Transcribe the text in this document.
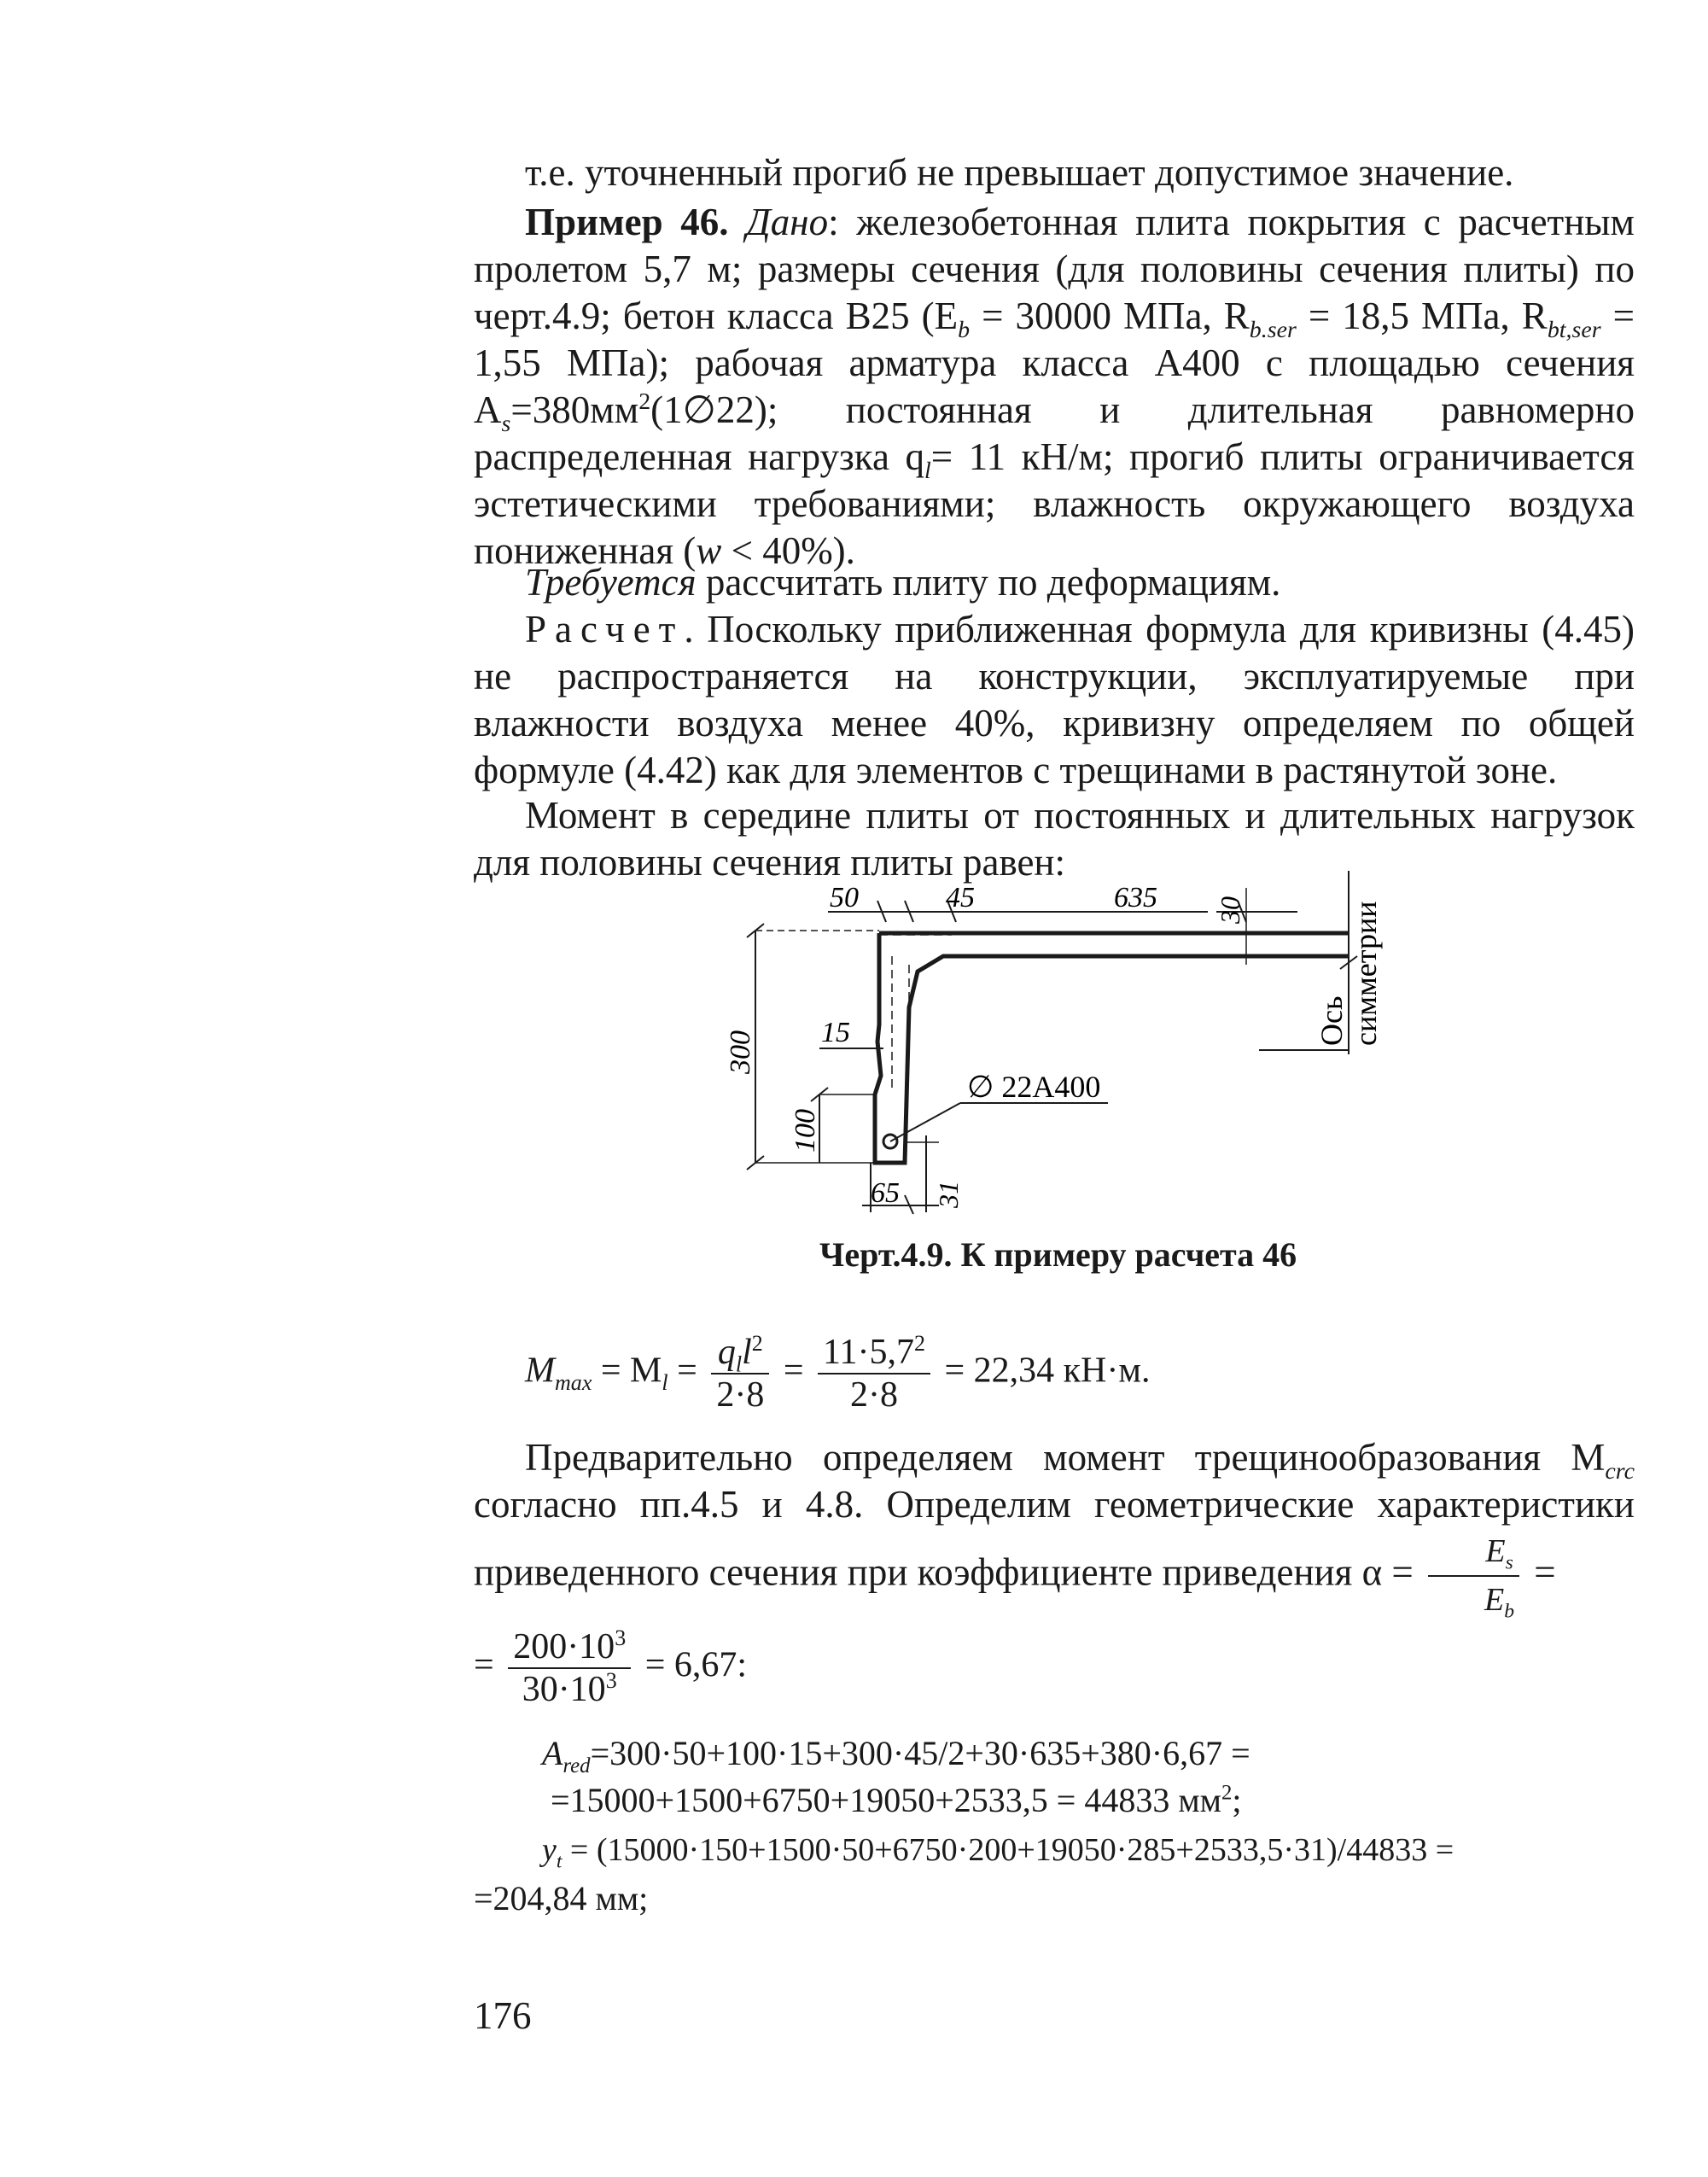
т.е. уточненный прогиб не превышает допустимое значение.
Пример 46. Дано: железобетонная плита покрытия с расчетным пролетом 5,7 м; размеры сечения (для половины сечения плиты) по черт.4.9; бетон класса В25 ($E_b = 30000$ МПа, $R_{b.ser} = 18,5$ МПа, $R_{bt,ser} = 1,55$ МПа); рабочая арматура класса А400 с площадью сечения $A_s=380мм^2(1\emptyset 22)$; постоянная и длительная равномерно распределенная нагрузка $q_l= 11$ кН/м; прогиб плиты ограничивается эстетическими требованиями; влажность окружающего воздуха пониженная (w < 40%).
Требуется рассчитать плиту по деформациям.
Расчет. Поскольку приближенная формула для кривизны (4.45) не распространяется на конструкции, эксплуатируемые при влажности воздуха менее 40%, кривизну определяем по общей формуле (4.42) как для элементов с трещинами в растянутой зоне.
Момент в середине плиты от постоянных и длительных нагрузок для половины сечения плиты равен:
50	45	635 30
300 15
100
65 31
∅ 22А400
Ось симметрии
Черт.4.9. К примеру расчета 46
$M_{max} = M_l = \frac{q_ll^2}{2\cdot 8} = \frac{11\cdot 5,7^2}{2\cdot 8} = 22,34$ кН·м.
Предварительно определяем момент трещинообразования $M_{crc}$ согласно пп.4.5 и 4.8. Определим геометрические характеристики приведенного сечения при коэффициенте приведения $\alpha = \frac{E_s}{E_b}$ =
= $\frac{200\cdot 10^3}{30\cdot 10^3} = 6,67$:
$A_{red}=300\cdot 50+100\cdot 15+300\cdot 45/2+30\cdot 635+380\cdot 6,67$ =
=15000+1500+6750+19050+2533,5 = 44833 $мм^2$;
$y_t = (15000\cdot 150+1500\cdot 50+6750\cdot 200+19050\cdot 285+2533,5\cdot 31)/44833$ =
=204,84 мм;
176
